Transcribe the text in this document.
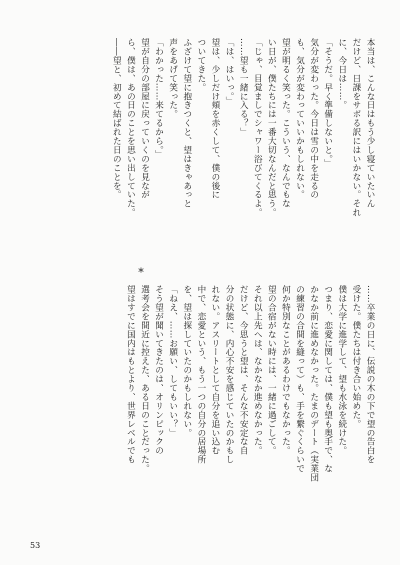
本当は、こんな日はもう少し寝ていたいん
だけど、日課をサボる訳にはいかない。それ
に、今日は……。
「そうだ。早く準備しないと。」
気分が変わった。今日は雪の中を走るの
も、気分が変わっていいかもしれない。
望が明るく笑った。こういう、なんでもな
い日が、僕たちには一番大切なんだと思う。
「じゃ、目覚ましでシャワー浴びてくるよ。
……望も一緒に入る？」
「は、はいっ。」
望は、少しだけ頬を赤くして、僕の後に
ついてきた。
ふざけて望に抱きつくと、望はきゃあっと
声をあげて笑った。
「わかった……来てるから。」
望が自分の部屋に戻っていくのを見なが
ら、僕は、あの日のことを思い出していた。
――望と、初めて結ばれた日のことを。
*
……卒業の日に、伝説の木の下で望の告白を
受けた。僕たちは付き合い始めた。
僕は大学に進学して、望も水泳を続けた。
つまり、恋愛に関しては、僕も望も奥手で、な
かなか前に進めなかった。たまのデート（実業団
の練習の合間を縫って）も、手を繋ぐくらいで
何か特別なことがあるわけでもなかった。
望の合宿がない時には、一緒に過ごして。
それ以上先へは、なかなか進めなかった。
だけど、今思うと望は、そんな不安定な自
分の状態に、内心不安を感じていたのかもし
れない。アスリートとして自分を追い込む
中で、恋愛という、もう一つの自分の居場所
を、望は探していたのかもしれない。
「ねえ、……お願い、してもいい？」
そう望が聞いてきたのは、オリンピックの
選考会を間近に控えた、ある日のことだった。
望はすでに国内はもとより、世界レベルでも
53
